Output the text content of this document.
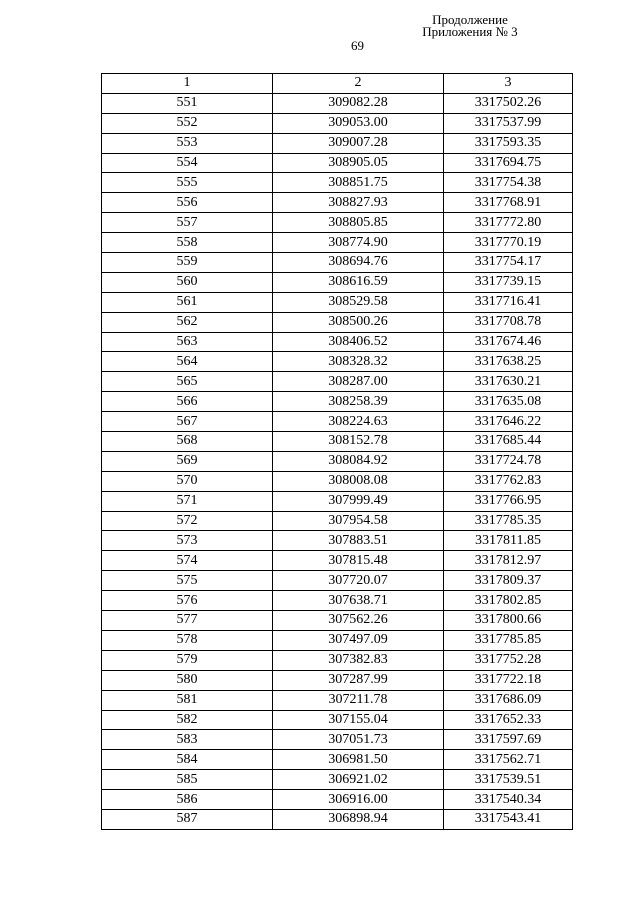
Продолжение
Приложения № 3
69
1	2	3
551	309082.28	3317502.26
552	309053.00	3317537.99
553	309007.28	3317593.35
554	308905.05	3317694.75
555	308851.75	3317754.38
556	308827.93	3317768.91
557	308805.85	3317772.80
558	308774.90	3317770.19
559	308694.76	3317754.17
560	308616.59	3317739.15
561	308529.58	3317716.41
562	308500.26	3317708.78
563	308406.52	3317674.46
564	308328.32	3317638.25
565	308287.00	3317630.21
566	308258.39	3317635.08
567	308224.63	3317646.22
568	308152.78	3317685.44
569	308084.92	3317724.78
570	308008.08	3317762.83
571	307999.49	3317766.95
572	307954.58	3317785.35
573	307883.51	3317811.85
574	307815.48	3317812.97
575	307720.07	3317809.37
576	307638.71	3317802.85
577	307562.26	3317800.66
578	307497.09	3317785.85
579	307382.83	3317752.28
580	307287.99	3317722.18
581	307211.78	3317686.09
582	307155.04	3317652.33
583	307051.73	3317597.69
584	306981.50	3317562.71
585	306921.02	3317539.51
586	306916.00	3317540.34
587	306898.94	3317543.41
